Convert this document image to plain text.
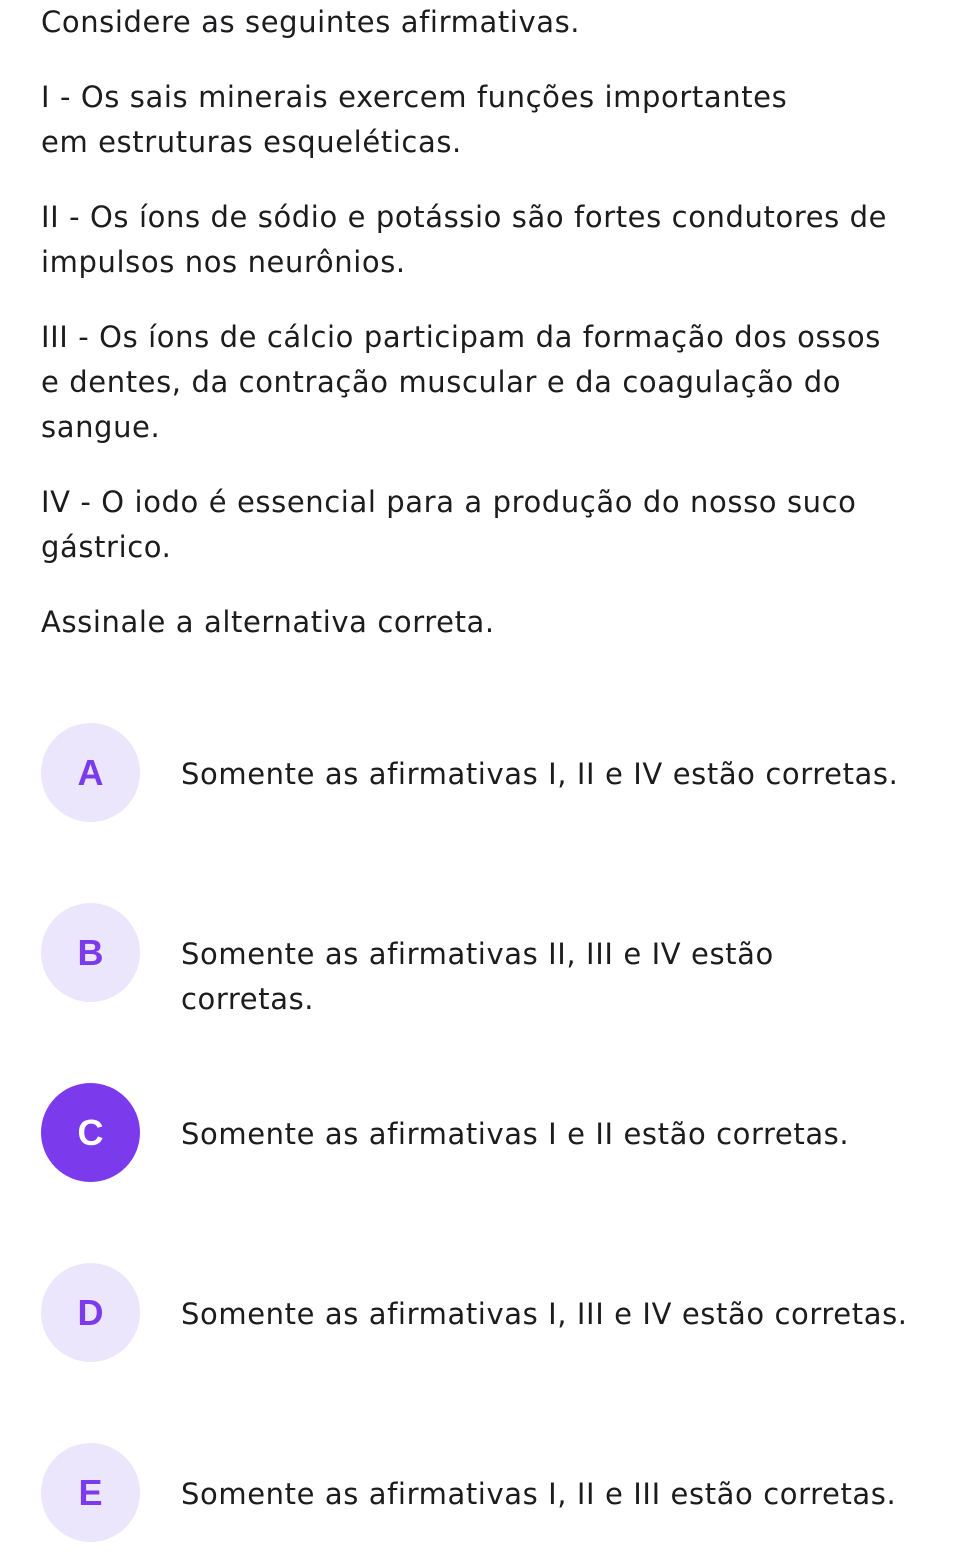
Considere as seguintes afirmativas.

I - Os sais minerais exercem funções importantes

em estruturas esqueléticas.

II - Os íons de sódio e potássio são fortes condutores de

impulsos nos neurônios.

III - Os íons de cálcio participam da formação dos ossos

e dentes, da contração muscular e da coagulação do

sangue.

IV - O iodo é essencial para a produção do nosso suco

gástrico.

Assinale a alternativa correta.

A	Somente as afirmativas I, II e IV estão corretas.
B	Somente as afirmativas II, III e IV estão
corretas.
C	Somente as afirmativas I e II estão corretas.
D	Somente as afirmativas I, III e IV estão corretas.
E	Somente as afirmativas I, II e III estão corretas.
